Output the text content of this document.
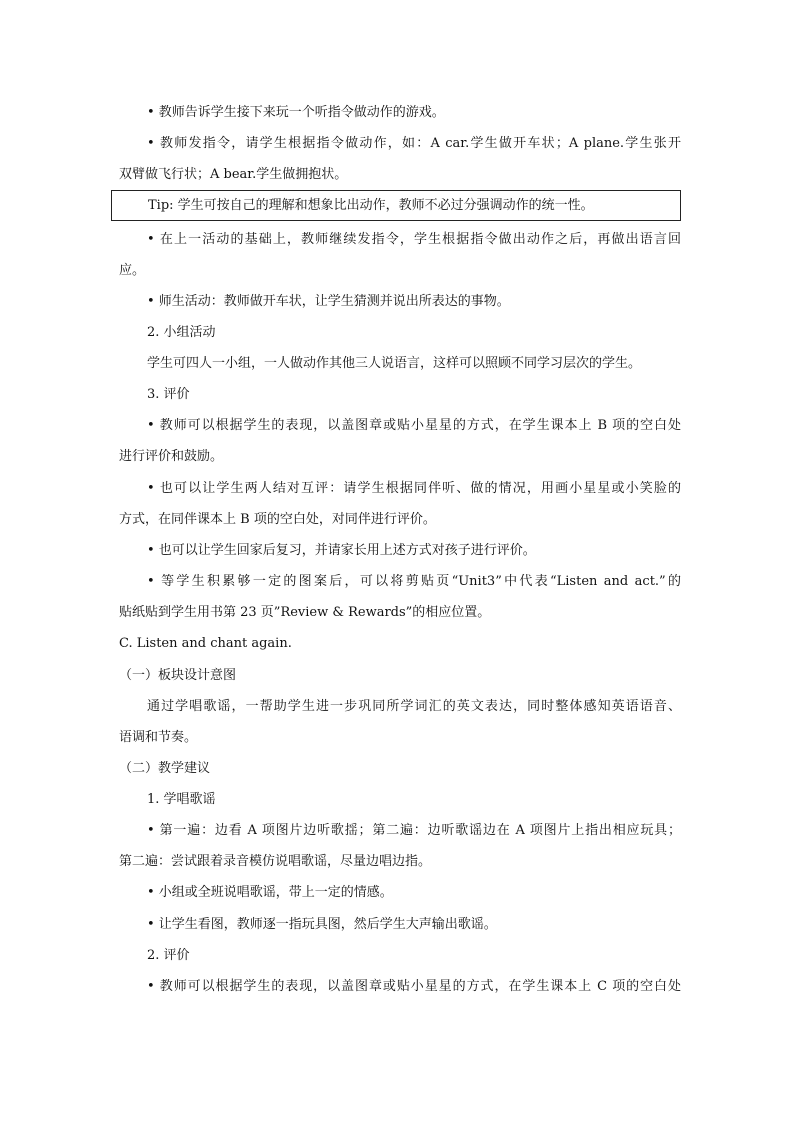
• 教师告诉学生接下来玩一个听指令做动作的游戏。
• 教师发指令，请学生根据指令做动作，如：A car.学生做开车状；A plane.学生张开
双臂做飞行状；A bear.学生做拥抱状。
Tip: 学生可按自己的理解和想象比出动作，教师不必过分强调动作的统一性。
• 在上一活动的基础上，教师继续发指令，学生根据指令做出动作之后，再做出语言回
应。
• 师生活动：教师做开车状，让学生猜测并说出所表达的事物。
2. 小组活动
学生可四人一小组，一人做动作其他三人说语言，这样可以照顾不同学习层次的学生。
3. 评价
• 教师可以根据学生的表现，以盖图章或贴小星星的方式，在学生课本上 B 项的空白处
进行评价和鼓励。
• 也可以让学生两人结对互评：请学生根据同伴听、做的情况，用画小星星或小笑脸的
方式，在同伴课本上 B 项的空白处，对同伴进行评价。
• 也可以让学生回家后复习，并请家长用上述方式对孩子进行评价。
• 等学生积累够一定的图案后，可以将剪贴页“Unit3”中代表“Listen and act.”的
贴纸贴到学生用书第 23 页”Review & Rewards”的相应位置。
C. Listen and chant again.
（一）板块设计意图
通过学唱歌谣，一帮助学生进一步巩同所学词汇的英文表达，同时整体感知英语语音、
语调和节奏。
（二）教学建议
1. 学唱歌谣
• 第一遍：边看 A 项图片边听歌揺；第二遍：边听歌谣边在 A 项图片上指出相应玩具；
第二遍：尝试跟着录音模仿说唱歌谣，尽量边唱边指。
• 小组或全班说唱歌谣，带上一定的情感。
• 让学生看图，教师逐一指玩具图，然后学生大声输出歌谣。
2. 评价
• 教师可以根据学生的表现，以盖图章或贴小星星的方式，在学生课本上 C 项的空白处
